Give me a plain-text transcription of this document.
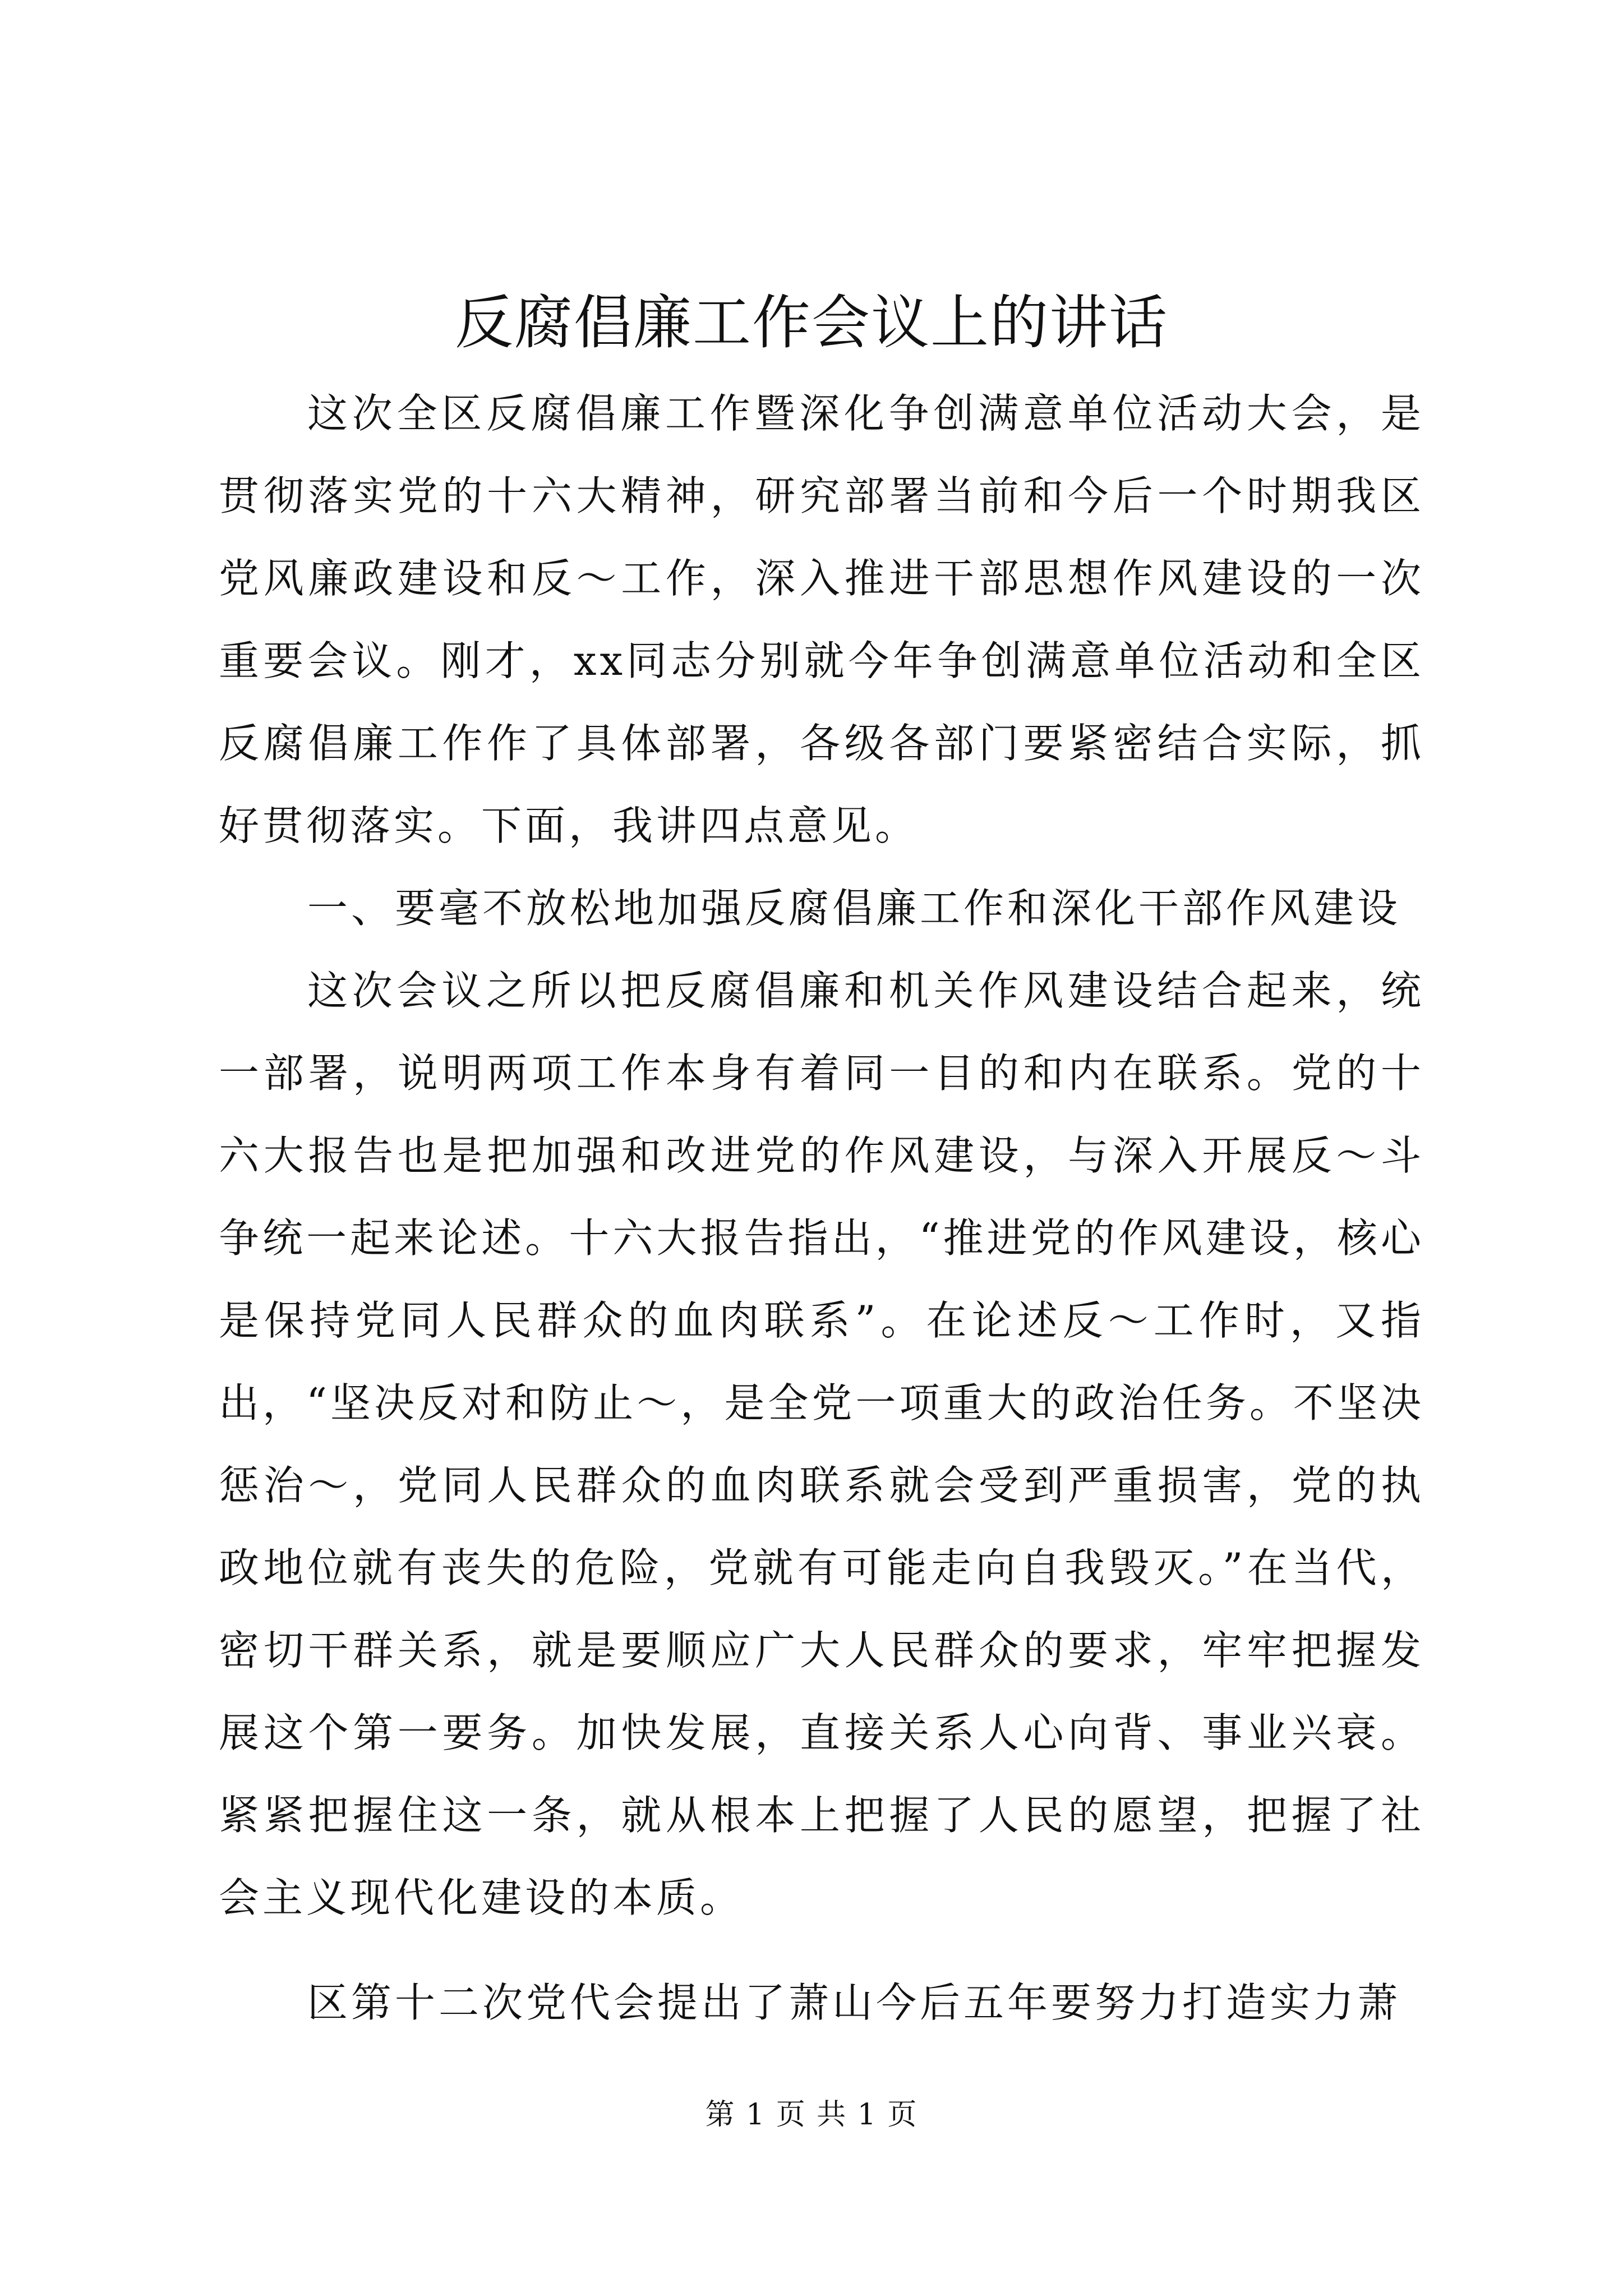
反腐倡廉工作会议上的讲话

这次全区反腐倡廉工作暨深化争创满意单位活动大会，是贯彻落实党的十六大精神，研究部署当前和今后一个时期我区党风廉政建设和反～工作，深入推进干部思想作风建设的一次重要会议。刚才，xx同志分别就今年争创满意单位活动和全区反腐倡廉工作作了具体部署，各级各部门要紧密结合实际，抓好贯彻落实。下面，我讲四点意见。

一、要毫不放松地加强反腐倡廉工作和深化干部作风建设

这次会议之所以把反腐倡廉和机关作风建设结合起来，统一部署，说明两项工作本身有着同一目的和内在联系。党的十六大报告也是把加强和改进党的作风建设，与深入开展反～斗争统一起来论述。十六大报告指出，“推进党的作风建设，核心是保持党同人民群众的血肉联系”。在论述反～工作时，又指出，“坚决反对和防止～，是全党一项重大的政治任务。不坚决惩治～，党同人民群众的血肉联系就会受到严重损害，党的执政地位就有丧失的危险，党就有可能走向自我毁灭。”在当代，密切干群关系，就是要顺应广大人民群众的要求，牢牢把握发展这个第一要务。加快发展，直接关系人心向背、事业兴衰。紧紧把握住这一条，就从根本上把握了人民的愿望，把握了社会主义现代化建设的本质。

区第十二次党代会提出了萧山今后五年要努力打造实力萧

第 1 页 共 1 页
